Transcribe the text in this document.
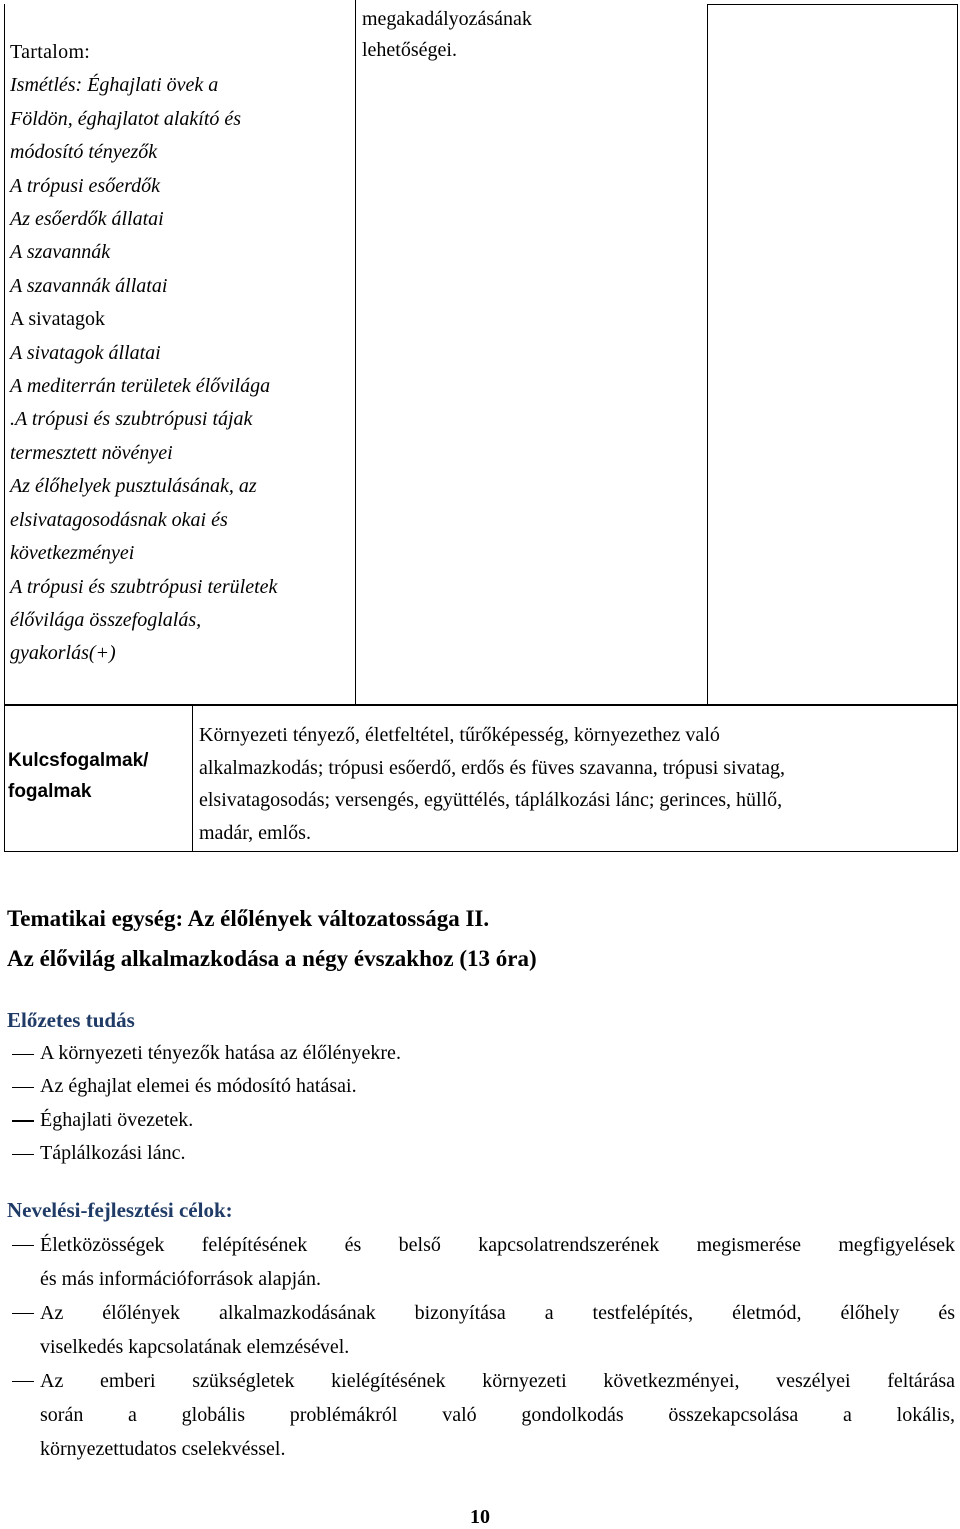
Tartalom:
Ismétlés: Éghajlati övek a
Földön, éghajlatot alakító és
módosító tényezők
A trópusi esőerdők
Az esőerdők állatai
A szavannák
A szavannák állatai
A sivatagok
A sivatagok állatai
A mediterrán területek élővilága
.A trópusi és szubtrópusi tájak
termesztett növényei
Az élőhelyek pusztulásának, az
elsivatagosodásnak okai és
következményei
A trópusi és szubtrópusi területek
élővilága összefoglalás,
gyakorlás(+)
megakadályozásának
lehetőségei.
Kulcsfogalmak/
fogalmak
Környezeti tényező, életfeltétel, tűrőképesség, környezethez való
alkalmazkodás; trópusi esőerdő, erdős és füves szavanna, trópusi sivatag,
elsivatagosodás; versengés, együttélés, táplálkozási lánc; gerinces, hüllő,
madár, emlős.
Tematikai egység: Az élőlények változatossága II.
Az élővilág alkalmazkodása a négy évszakhoz (13 óra)
Előzetes tudás
A környezeti tényezők hatása az élőlényekre.
Az éghajlat elemei és módosító hatásai.
Éghajlati övezetek.
Táplálkozási lánc.
Nevelési-fejlesztési célok:
Életközösségek felépítésének és belső kapcsolatrendszerének megismerése megfigyelések
és más információforrások alapján.
Az élőlények alkalmazkodásának bizonyítása a testfelépítés, életmód, élőhely és
viselkedés kapcsolatának elemzésével.
Az emberi szükségletek kielégítésének környezeti következményei, veszélyei feltárása
során a globális problémákról való gondolkodás összekapcsolása a lokális,
környezettudatos cselekvéssel.
10
